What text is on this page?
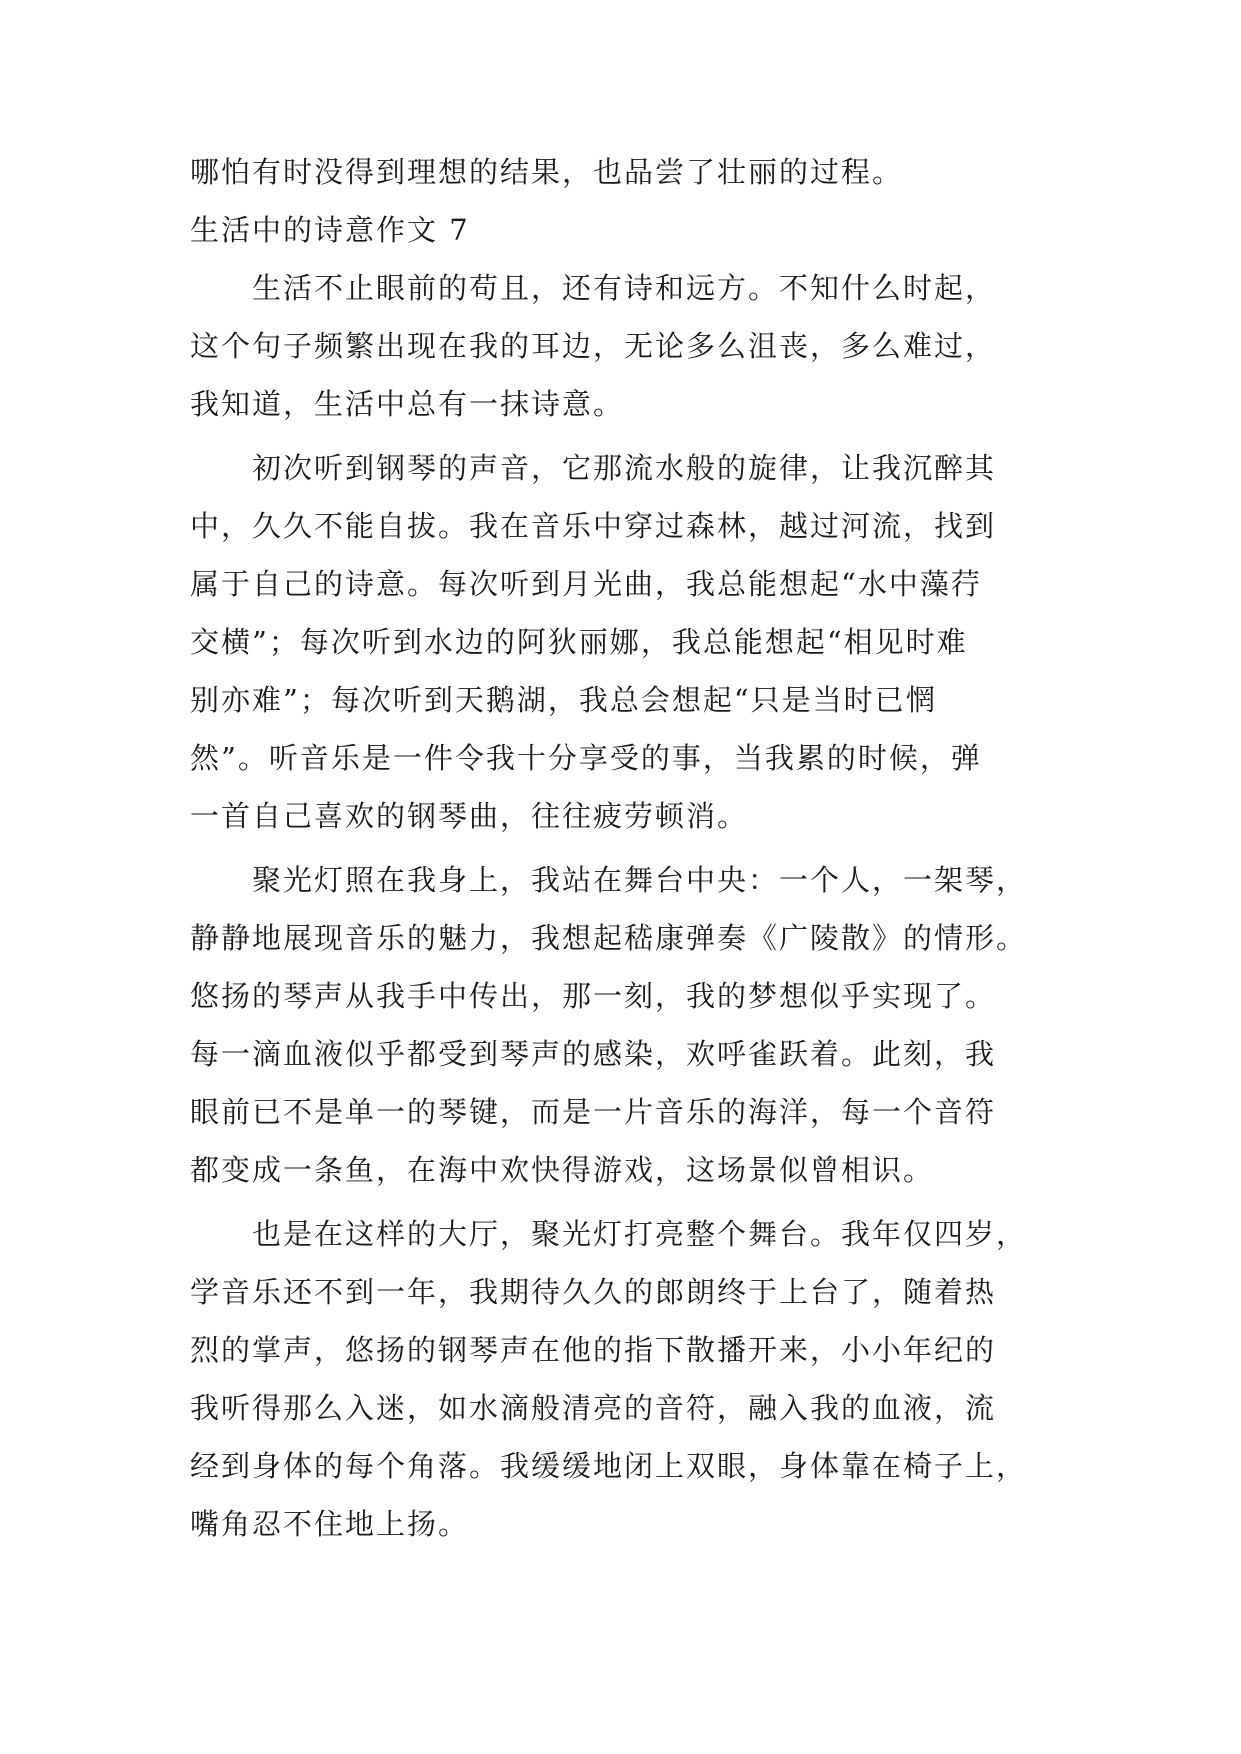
哪怕有时没得到理想的结果，也品尝了壮丽的过程。
生活中的诗意作文 7
生活不止眼前的苟且，还有诗和远方。不知什么时起，
这个句子频繁出现在我的耳边，无论多么沮丧，多么难过，
我知道，生活中总有一抹诗意。
初次听到钢琴的声音，它那流水般的旋律，让我沉醉其
中，久久不能自拔。我在音乐中穿过森林，越过河流，找到
属于自己的诗意。每次听到月光曲，我总能想起“水中藻荇
交横”；每次听到水边的阿狄丽娜，我总能想起“相见时难
别亦难”；每次听到天鹅湖，我总会想起“只是当时已惘
然”。听音乐是一件令我十分享受的事，当我累的时候，弹
一首自己喜欢的钢琴曲，往往疲劳顿消。
聚光灯照在我身上，我站在舞台中央：一个人，一架琴，
静静地展现音乐的魅力，我想起嵇康弹奏《广陵散》的情形。
悠扬的琴声从我手中传出，那一刻，我的梦想似乎实现了。
每一滴血液似乎都受到琴声的感染，欢呼雀跃着。此刻，我
眼前已不是单一的琴键，而是一片音乐的海洋，每一个音符
都变成一条鱼，在海中欢快得游戏，这场景似曾相识。
也是在这样的大厅，聚光灯打亮整个舞台。我年仅四岁，
学音乐还不到一年，我期待久久的郎朗终于上台了，随着热
烈的掌声，悠扬的钢琴声在他的指下散播开来，小小年纪的
我听得那么入迷，如水滴般清亮的音符，融入我的血液，流
经到身体的每个角落。我缓缓地闭上双眼，身体靠在椅子上，
嘴角忍不住地上扬。
